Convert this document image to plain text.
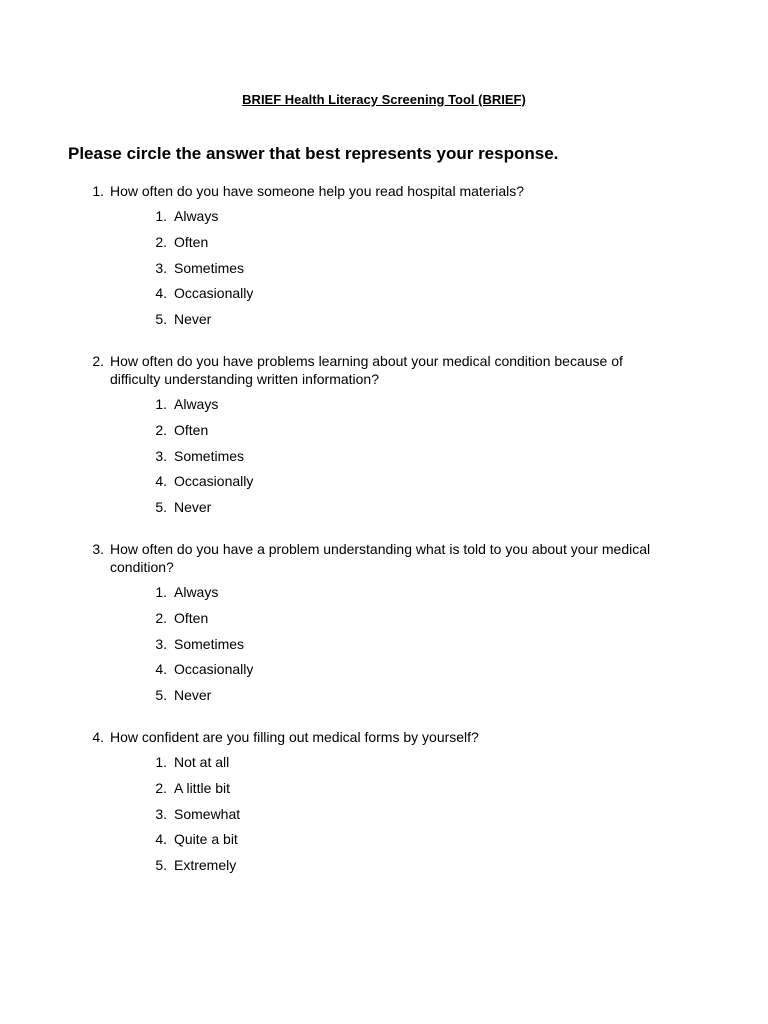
BRIEF Health Literacy Screening Tool (BRIEF)

Please circle the answer that best represents your response.

1. How often do you have someone help you read hospital materials?
1. Always
2. Often
3. Sometimes
4. Occasionally
5. Never
2. How often do you have problems learning about your medical condition because of difficulty understanding written information?
1. Always
2. Often
3. Sometimes
4. Occasionally
5. Never
3. How often do you have a problem understanding what is told to you about your medical condition?
1. Always
2. Often
3. Sometimes
4. Occasionally
5. Never
4. How confident are you filling out medical forms by yourself?
1. Not at all
2. A little bit
3. Somewhat
4. Quite a bit
5. Extremely
